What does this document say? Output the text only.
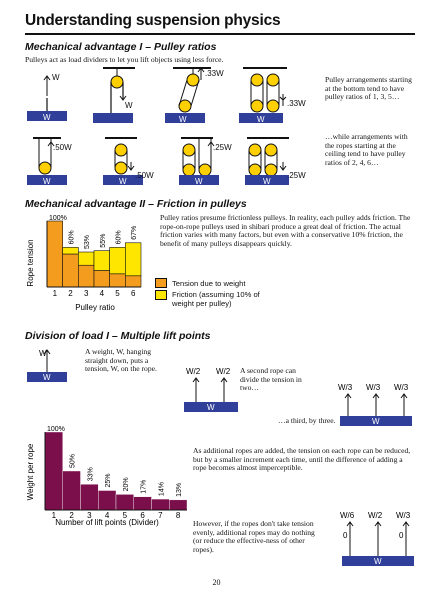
Understanding suspension physics
Mechanical advantage I – Pulley ratios
Pulleys act as load dividers to let you lift objects using less force.
W
W
W
.33W
W
.33W
W
.50W
W
.50W
W
.25W
W
.25W
W
Pulley arrangements starting at the bottom tend to have pulley ratios of 1, 3, 5…
…while arrangements with the ropes starting at the ceiling tend to have pulley ratios of 2, 4, 6…
Mechanical advantage II – Friction in pulleys
Rope tension
1 2 3 4 5 6
100%
60% 53% 55% 60% 67%
Pulley ratio
Pulley ratios presume frictionless pulleys. In reality, each pulley adds friction. The rope-on-rope pulleys used in shibari produce a great deal of friction. The actual friction varies with many factors, but even with a conservative 10% friction, the benefit of many pulleys disappears quickly.
Tension due to weight
Friction (assuming 10% of weight per pulley)
Division of load I – Multiple lift points
W
W
A weight, W, hanging straight down, puts a tension, W, on the rope.	W/2 W/2
W
A second rope can divide the tension in two…	W/3 W/3 W/3
W
…a third, by three.
Weight per rope
1 2 3 4 5 6 7 8
100%
50%
33% 25% 20% 17% 14% 13%
Number of lift points (Divider)
As additional ropes are added, the tension on each rope can be reduced, but by a smaller increment each time, until the difference of adding a rope becomes almost imperceptible.
However, if the ropes don't take tension evenly, additional ropes may do nothing (or reduce the effective-ness of other ropes).
W/6 W/2 W/3
0	0
W
20
